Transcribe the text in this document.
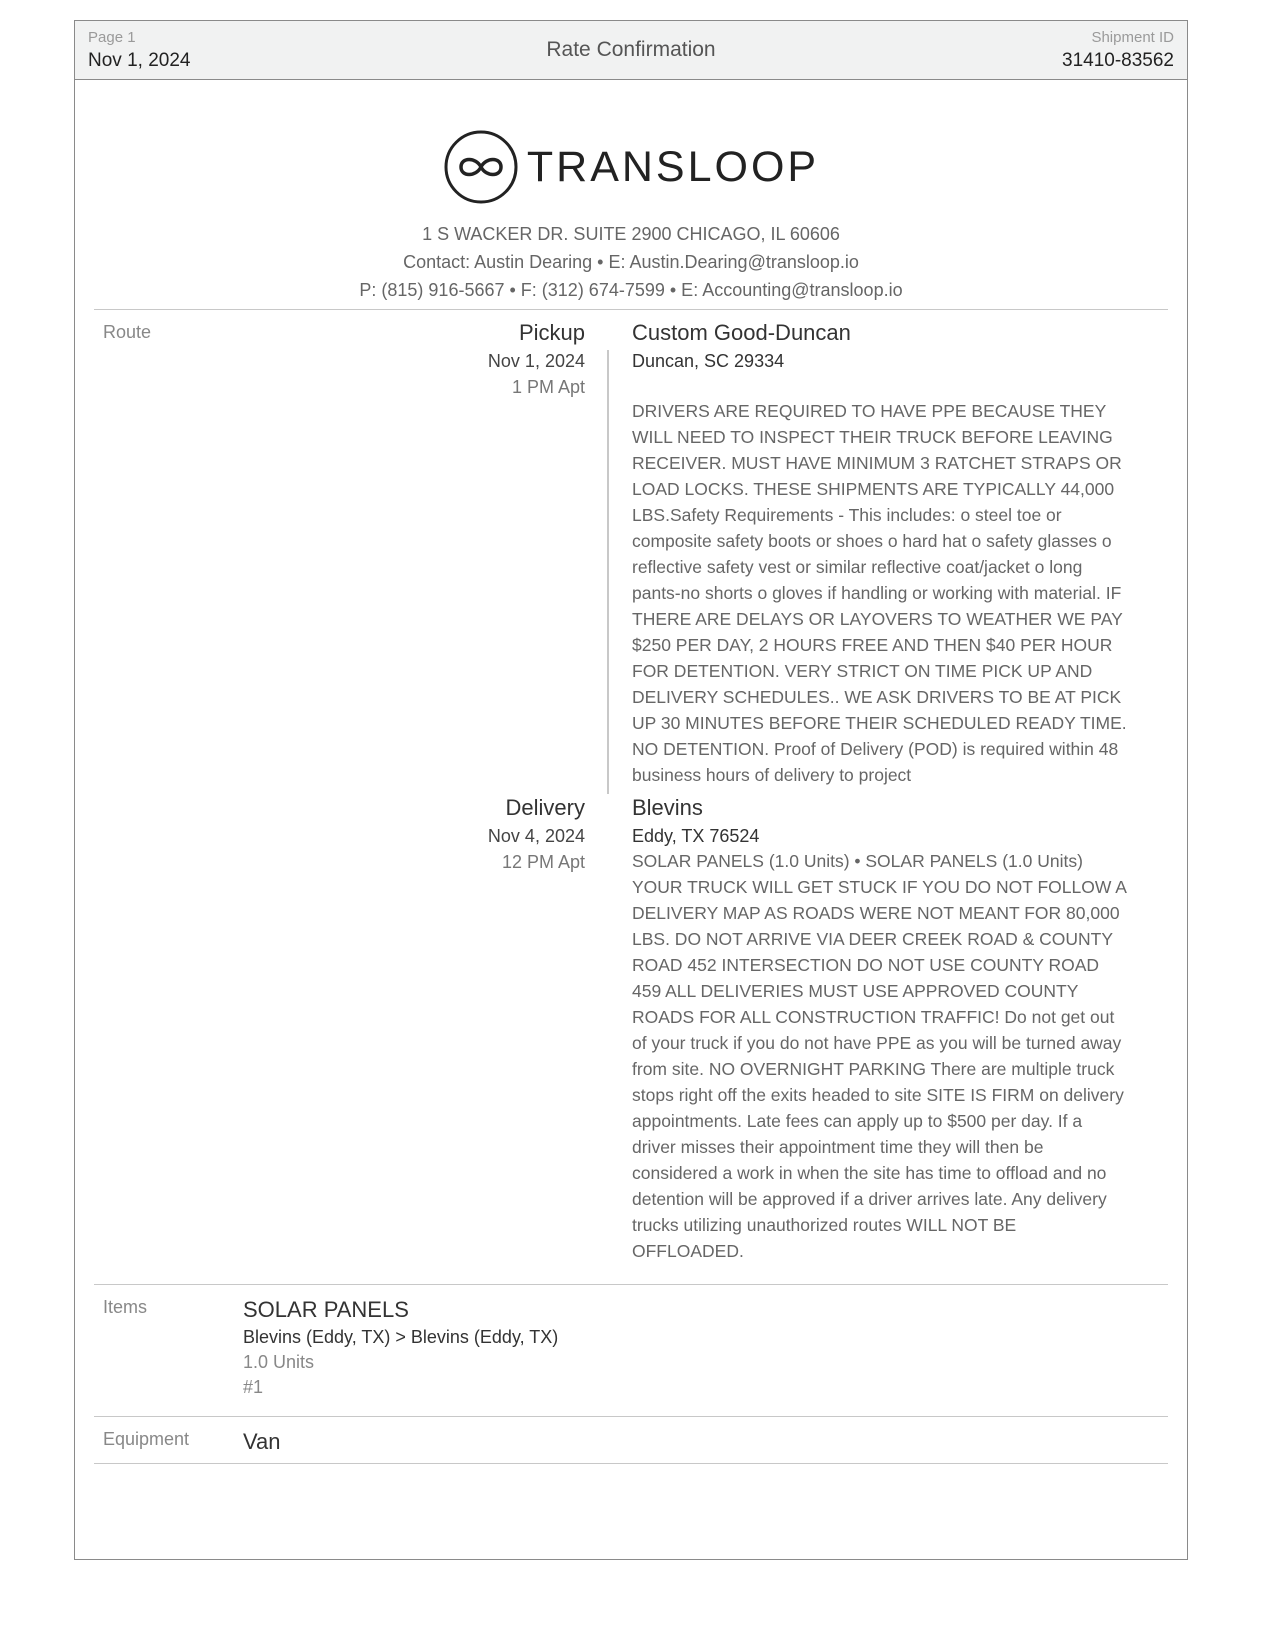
Page 1
Nov 1, 2024	Rate Confirmation
Shipment ID
31410-83562
TRANSLOOP
1 S WACKER DR. SUITE 2900 CHICAGO, IL 60606
Contact: Austin Dearing • E: Austin.Dearing@transloop.io
P: (815) 916-5667 • F: (312) 674-7599 • E: Accounting@transloop.io
Route	Pickup
Nov 1, 2024
1 PM Apt
Custom Good-Duncan
Duncan, SC 29334

DRIVERS ARE REQUIRED TO HAVE PPE BECAUSE THEY WILL NEED TO INSPECT THEIR TRUCK BEFORE LEAVING RECEIVER. MUST HAVE MINIMUM 3 RATCHET STRAPS OR LOAD LOCKS. THESE SHIPMENTS ARE TYPICALLY 44,000 LBS.Safety Requirements - This includes: o steel toe or composite safety boots or shoes o hard hat o safety glasses o reflective safety vest or similar reflective coat/jacket o long pants-no shorts o gloves if handling or working with material. IF THERE ARE DELAYS OR LAYOVERS TO WEATHER WE PAY $250 PER DAY, 2 HOURS FREE AND THEN $40 PER HOUR FOR DETENTION. VERY STRICT ON TIME PICK UP AND DELIVERY SCHEDULES.. WE ASK DRIVERS TO BE AT PICK UP 30 MINUTES BEFORE THEIR SCHEDULED READY TIME. NO DETENTION. Proof of Delivery (POD) is required within 48 business hours of delivery to project

Delivery
Nov 4, 2024
12 PM Apt
Blevins
Eddy, TX 76524

SOLAR PANELS (1.0 Units) • SOLAR PANELS (1.0 Units) YOUR TRUCK WILL GET STUCK IF YOU DO NOT FOLLOW A DELIVERY MAP AS ROADS WERE NOT MEANT FOR 80,000 LBS. DO NOT ARRIVE VIA DEER CREEK ROAD & COUNTY ROAD 452 INTERSECTION DO NOT USE COUNTY ROAD 459 ALL DELIVERIES MUST USE APPROVED COUNTY ROADS FOR ALL CONSTRUCTION TRAFFIC! Do not get out of your truck if you do not have PPE as you will be turned away from site. NO OVERNIGHT PARKING There are multiple truck stops right off the exits headed to site SITE IS FIRM on delivery appointments. Late fees can apply up to $500 per day. If a driver misses their appointment time they will then be considered a work in when the site has time to offload and no detention will be approved if a driver arrives late. Any delivery trucks utilizing unauthorized routes WILL NOT BE OFFLOADED.

Items	SOLAR PANELS
Blevins (Eddy, TX) > Blevins (Eddy, TX)
1.0 Units
#1
Equipment Van
